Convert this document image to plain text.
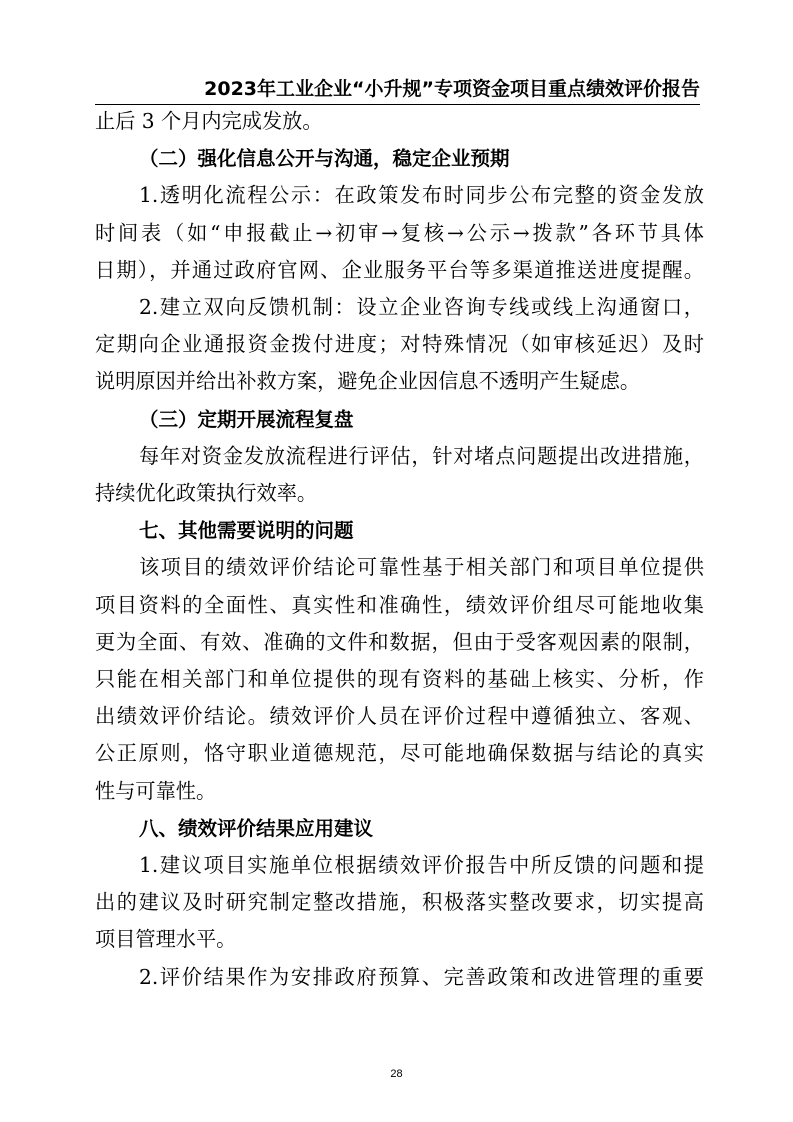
2023年工业企业“小升规”专项资金项目重点绩效评价报告

止后 3 个月内完成发放。

（二）强化信息公开与沟通，稳定企业预期

1.透明化流程公示：在政策发布时同步公布完整的资金发放

时间表（如“申报截止→初审→复核→公示→拨款”各环节具体

日期），并通过政府官网、企业服务平台等多渠道推送进度提醒。

2.建立双向反馈机制：设立企业咨询专线或线上沟通窗口，

定期向企业通报资金拨付进度；对特殊情况（如审核延迟）及时

说明原因并给出补救方案，避免企业因信息不透明产生疑虑。

（三）定期开展流程复盘

每年对资金发放流程进行评估，针对堵点问题提出改进措施，

持续优化政策执行效率。

七、其他需要说明的问题

该项目的绩效评价结论可靠性基于相关部门和项目单位提供

项目资料的全面性、真实性和准确性，绩效评价组尽可能地收集

更为全面、有效、准确的文件和数据，但由于受客观因素的限制，

只能在相关部门和单位提供的现有资料的基础上核实、分析，作

出绩效评价结论。绩效评价人员在评价过程中遵循独立、客观、

公正原则，恪守职业道德规范，尽可能地确保数据与结论的真实

性与可靠性。

八、绩效评价结果应用建议

1.建议项目实施单位根据绩效评价报告中所反馈的问题和提

出的建议及时研究制定整改措施，积极落实整改要求，切实提高

项目管理水平。

2.评价结果作为安排政府预算、完善政策和改进管理的重要

28
